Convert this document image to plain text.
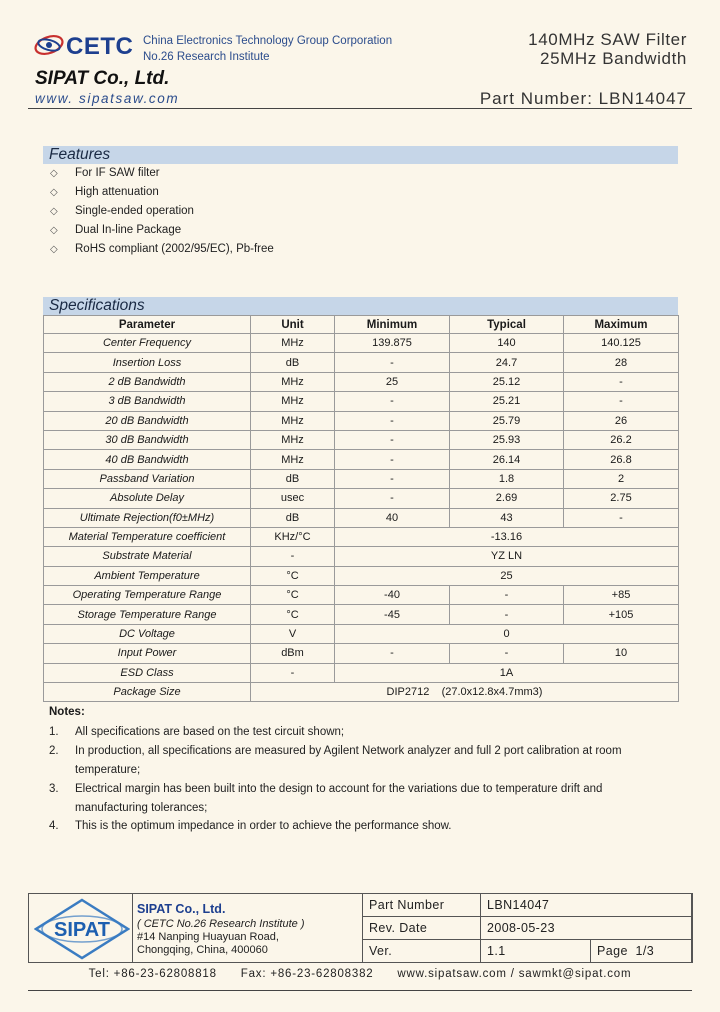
CETC China Electronics Technology Group Corporation
No.26 Research Institute
140MHz SAW Filter
25MHz Bandwidth
SIPAT Co., Ltd.
www. sipatsaw.com	Part Number: LBN14047
Features
◇ For IF SAW filter
◇ High attenuation
◇ Single-ended operation
◇ Dual In-line Package
◇ RoHS compliant (2002/95/EC), Pb-free
Specifications
Parameter	Unit	Minimum	Typical	Maximum
Center Frequency	MHz	139.875	140	140.125
Insertion Loss	dB	-	24.7	28
2 dB Bandwidth	MHz	25	25.12	-
3 dB Bandwidth	MHz	-	25.21	-
20 dB Bandwidth	MHz	-	25.79	26
30 dB Bandwidth	MHz	-	25.93	26.2
40 dB Bandwidth	MHz	-	26.14	26.8
Passband Variation	dB	-	1.8	2
Absolute Delay	usec	-	2.69	2.75
Ultimate Rejection(f0±MHz)	dB	40	43	-
Material Temperature coefficient	KHz/°C	-13.16		
Substrate Material	-	YZ LN		
Ambient Temperature	°C	25		
Operating Temperature Range	°C	-40	-	+85
Storage Temperature Range	°C	-45	-	+105
DC Voltage	V	0		
Input Power	dBm	-	-	10
ESD Class	-	1A		
Package Size	DIP2712    (27.0x12.8x4.7mm3)			
Notes:
1. All specifications are based on the test circuit shown;
2. In production, all specifications are measured by Agilent Network analyzer and full 2 port calibration at room temperature;
3. Electrical margin has been built into the design to account for the variations due to temperature drift and manufacturing tolerances;
4. This is the optimum impedance in order to achieve the performance show.
SIPAT
SIPAT Co., Ltd.
( CETC No.26 Research Institute )
#14 Nanping Huayuan Road,
Chongqing, China, 400060
Part Number	LBN14047	
Rev. Date	2008-05-23	
Ver.	1.1	Page 1/3
Tel: +86-23-62808818      Fax: +86-23-62808382      www.sipatsaw.com / sawmkt@sipat.com
